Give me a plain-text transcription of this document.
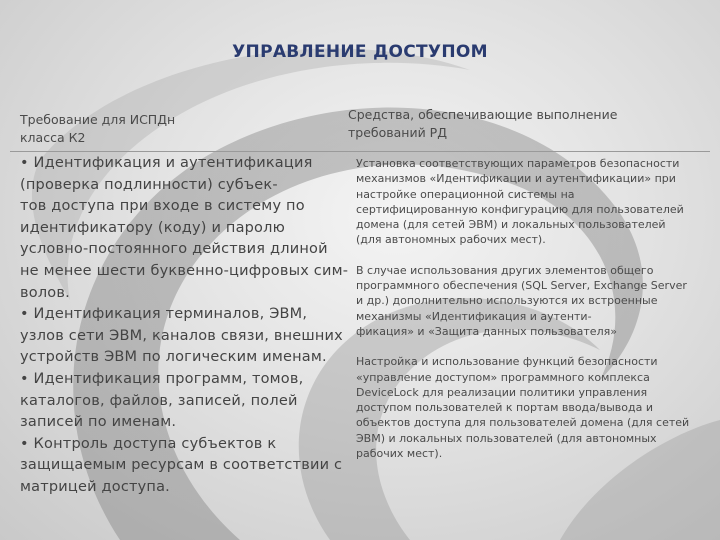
УПРАВЛЕНИЕ ДОСТУПОМ
Требование для ИСПДн
класса К2
Средства, обеспечивающие выполнение
требований РД
• Идентификация и аутентификация
(проверка подлинности) субъек-
тов доступа при входе в систему по
идентификатору (коду) и паролю
условно-постоянного действия длиной
не менее шести буквенно-цифровых сим-
волов.
• Идентификация терминалов, ЭВМ,
узлов сети ЭВМ, каналов связи, внешних
устройств ЭВМ по логическим именам.
• Идентификация программ, томов,
каталогов, файлов, записей, полей
записей по именам.
• Контроль доступа субъектов к
защищаемым ресурсам в соответствии с
матрицей доступа.
Установка соответствующих параметров безопасности
механизмов «Идентификации и аутентификации» при
настройке операционной системы на
сертифицированную конфигурацию для пользователей
домена (для сетей ЭВМ) и локальных пользователей
(для автономных рабочих мест).
В случае использования других элементов общего
программного обеспечения (SQL Server, Exchange Server
и др.) дополнительно используются их встроенные
механизмы «Идентификация и аутенти-
фикация» и «Защита данных пользователя»
Настройка и использование функций безопасности
«управление доступом» программного комплекса
DeviceLock для реализации политики управления
доступом пользователей к портам ввода/вывода и
объектов доступа для пользователей домена (для сетей
ЭВМ) и локальных пользователей (для автономных
рабочих мест).
